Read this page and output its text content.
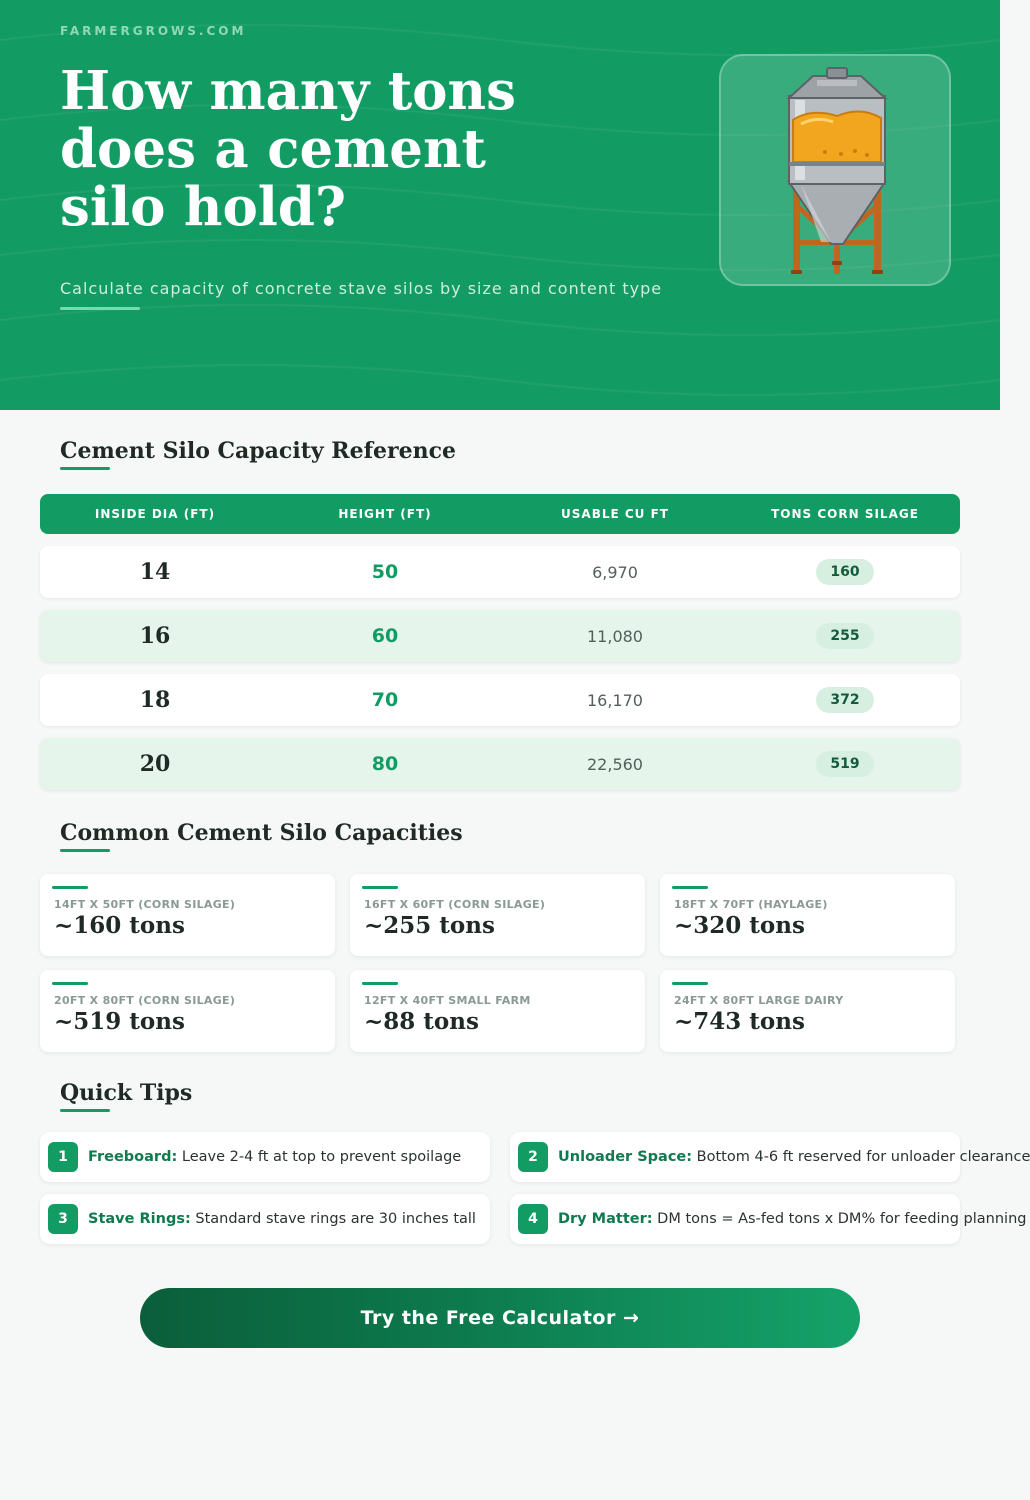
FARMERGROWS.COM
How many tons does a cement silo hold?
Calculate capacity of concrete stave silos by size and content type
Cement Silo Capacity Reference
INSIDE DIA (FT)	HEIGHT (FT)	USABLE CU FT	TONS CORN SILAGE
14	50	6,970	160
16	60	11,080	255
18	70	16,170	372
20	80	22,560	519
Common Cement Silo Capacities
14FT X 50FT (CORN SILAGE)
~160 tons
16FT X 60FT (CORN SILAGE)
~255 tons
18FT X 70FT (HAYLAGE)
~320 tons
20FT X 80FT (CORN SILAGE)
~519 tons
12FT X 40FT SMALL FARM
~88 tons
24FT X 80FT LARGE DAIRY
~743 tons
Quick Tips
1	Freeboard: Leave 2-4 ft at top to prevent spoilage	2	Unloader Space: Bottom 4-6 ft reserved for unloader clearance
3	Stave Rings: Standard stave rings are 30 inches tall	4	Dry Matter: DM tons = As-fed tons x DM% for feeding planning
Try the Free Calculator →
